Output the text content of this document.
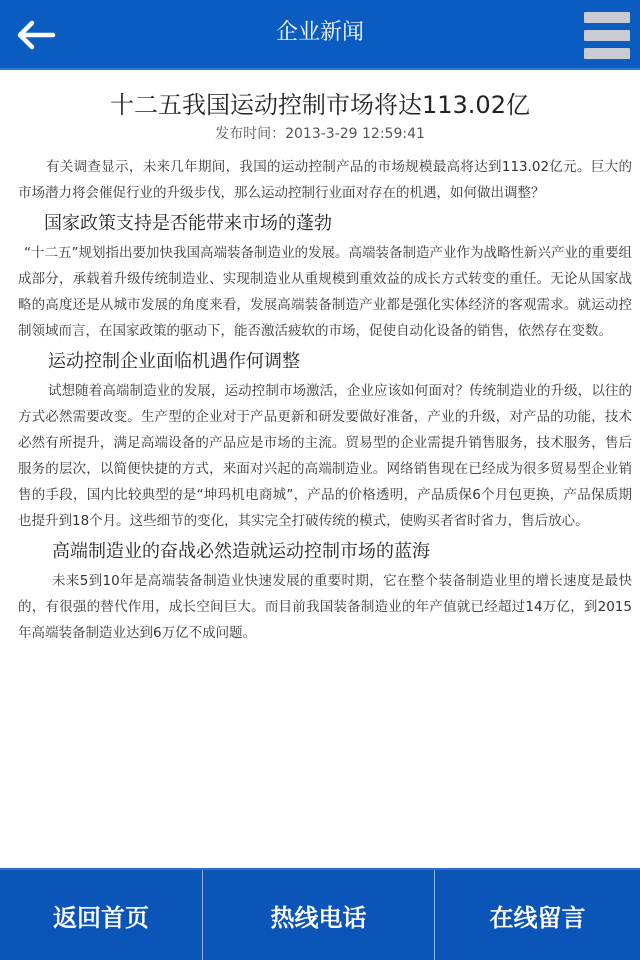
企业新闻
十二五我国运动控制市场将达113.02亿
发布时间：2013-3-29 12:59:41

有关调查显示，未来几年期间，我国的运动控制产品的市场规模最高将达到113.02亿元。巨大的市场潜力将会催促行业的升级步伐，那么运动控制行业面对存在的机遇，如何做出调整？

国家政策支持是否能带来市场的蓬勃

“十二五”规划指出要加快我国高端装备制造业的发展。高端装备制造产业作为战略性新兴产业的重要组成部分，承载着升级传统制造业、实现制造业从重规模到重效益的成长方式转变的重任。无论从国家战略的高度还是从城市发展的角度来看，发展高端装备制造产业都是强化实体经济的客观需求。就运动控制领域而言，在国家政策的驱动下，能否激活疲软的市场，促使自动化设备的销售，依然存在变数。

运动控制企业面临机遇作何调整

试想随着高端制造业的发展，运动控制市场激活，企业应该如何面对？传统制造业的升级，以往的方式必然需要改变。生产型的企业对于产品更新和研发要做好准备，产业的升级，对产品的功能，技术必然有所提升，满足高端设备的产品应是市场的主流。贸易型的企业需提升销售服务，技术服务，售后服务的层次，以简便快捷的方式，来面对兴起的高端制造业。网络销售现在已经成为很多贸易型企业销售的手段，国内比较典型的是“坤玛机电商城”，产品的价格透明，产品质保6个月包更换，产品保质期也提升到18个月。这些细节的变化，其实完全打破传统的模式，使购买者省时省力，售后放心。

高端制造业的奋战必然造就运动控制市场的蓝海

未来5到10年是高端装备制造业快速发展的重要时期，它在整个装备制造业里的增长速度是最快的，有很强的替代作用，成长空间巨大。而目前我国装备制造业的年产值就已经超过14万亿，到2015年高端装备制造业达到6万亿不成问题。

返回首页	热线电话	在线留言
